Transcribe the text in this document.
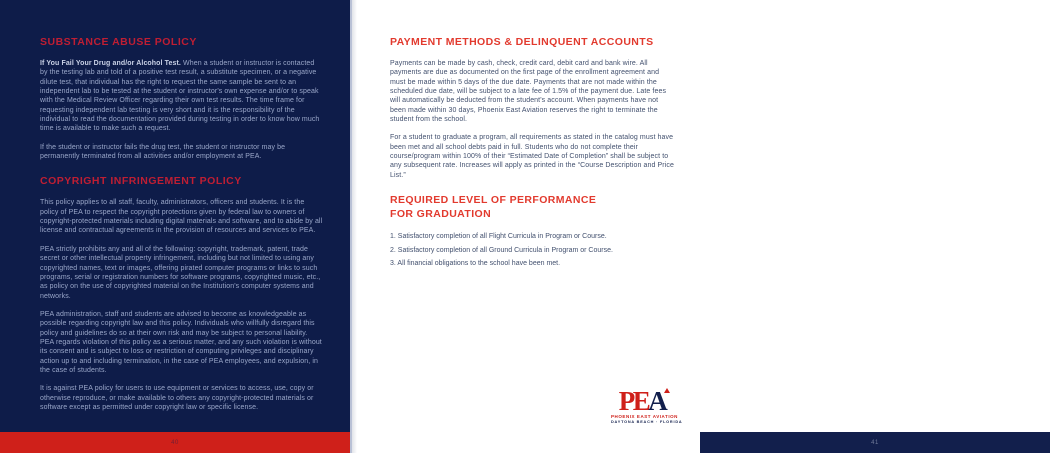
SUBSTANCE ABUSE POLICY

If You Fail Your Drug and/or Alcohol Test. When a student or instructor is contacted by the testing lab and told of a positive test result, a substitute specimen, or a negative dilute test, that individual has the right to request the same sample be sent to an independent lab to be tested at the student or instructor's own expense and/or to speak with the Medical Review Officer regarding their own test results. The time frame for requesting independent lab testing is very short and it is the responsibility of the individual to read the documentation provided during testing in order to know how much time is available to make such a request.

If the student or instructor fails the drug test, the student or instructor may be permanently terminated from all activities and/or employment at PEA.

COPYRIGHT INFRINGEMENT POLICY

This policy applies to all staff, faculty, administrators, officers and students. It is the policy of PEA to respect the copyright protections given by federal law to owners of copyright-protected materials including digital materials and software, and to abide by all license and contractual agreements in the provision of resources and services to PEA.

PEA strictly prohibits any and all of the following: copyright, trademark, patent, trade secret or other intellectual property infringement, including but not limited to using any copyrighted names, text or images, offering pirated computer programs or links to such programs, serial or registration numbers for software programs, copyrighted music, etc., as policy on the use of copyrighted material on the Institution's computer systems and networks.

PEA administration, staff and students are advised to become as knowledgeable as possible regarding copyright law and this policy. Individuals who willfully disregard this policy and guidelines do so at their own risk and may be subject to personal liability. PEA regards violation of this policy as a serious matter, and any such violation is without its consent and is subject to loss or restriction of computing privileges and disciplinary action up to and including termination, in the case of PEA employees, and expulsion, in the case of students.

It is against PEA policy for users to use equipment or services to access, use, copy or otherwise reproduce, or make available to others any copyright-protected materials or software except as permitted under copyright law or specific license.

40
PAYMENT METHODS & DELINQUENT ACCOUNTS

Payments can be made by cash, check, credit card, debit card and bank wire. All payments are due as documented on the first page of the enrollment agreement and must be made within 5 days of the due date. Payments that are not made within the scheduled due date, will be subject to a late fee of 1.5% of the payment due. Late fees will automatically be deducted from the student's account. When payments have not been made within 30 days, Phoenix East Aviation reserves the right to terminate the student from the school.

For a student to graduate a program, all requirements as stated in the catalog must have been met and all school debts paid in full. Students who do not complete their course/program within 100% of their “Estimated Date of Completion” shall be subject to any subsequent rate. Increases will apply as printed in the “Course Description and Price List.”

REQUIRED LEVEL OF PERFORMANCE FOR GRADUATION
1. Satisfactory completion of all Flight Curricula in Program or Course.
2. Satisfactory completion of all Ground Curricula in Program or Course.
3. All financial obligations to the school have been met.
PEA
PHOENIX EAST AVIATION
DAYTONA BEACH · FLORIDA
41
